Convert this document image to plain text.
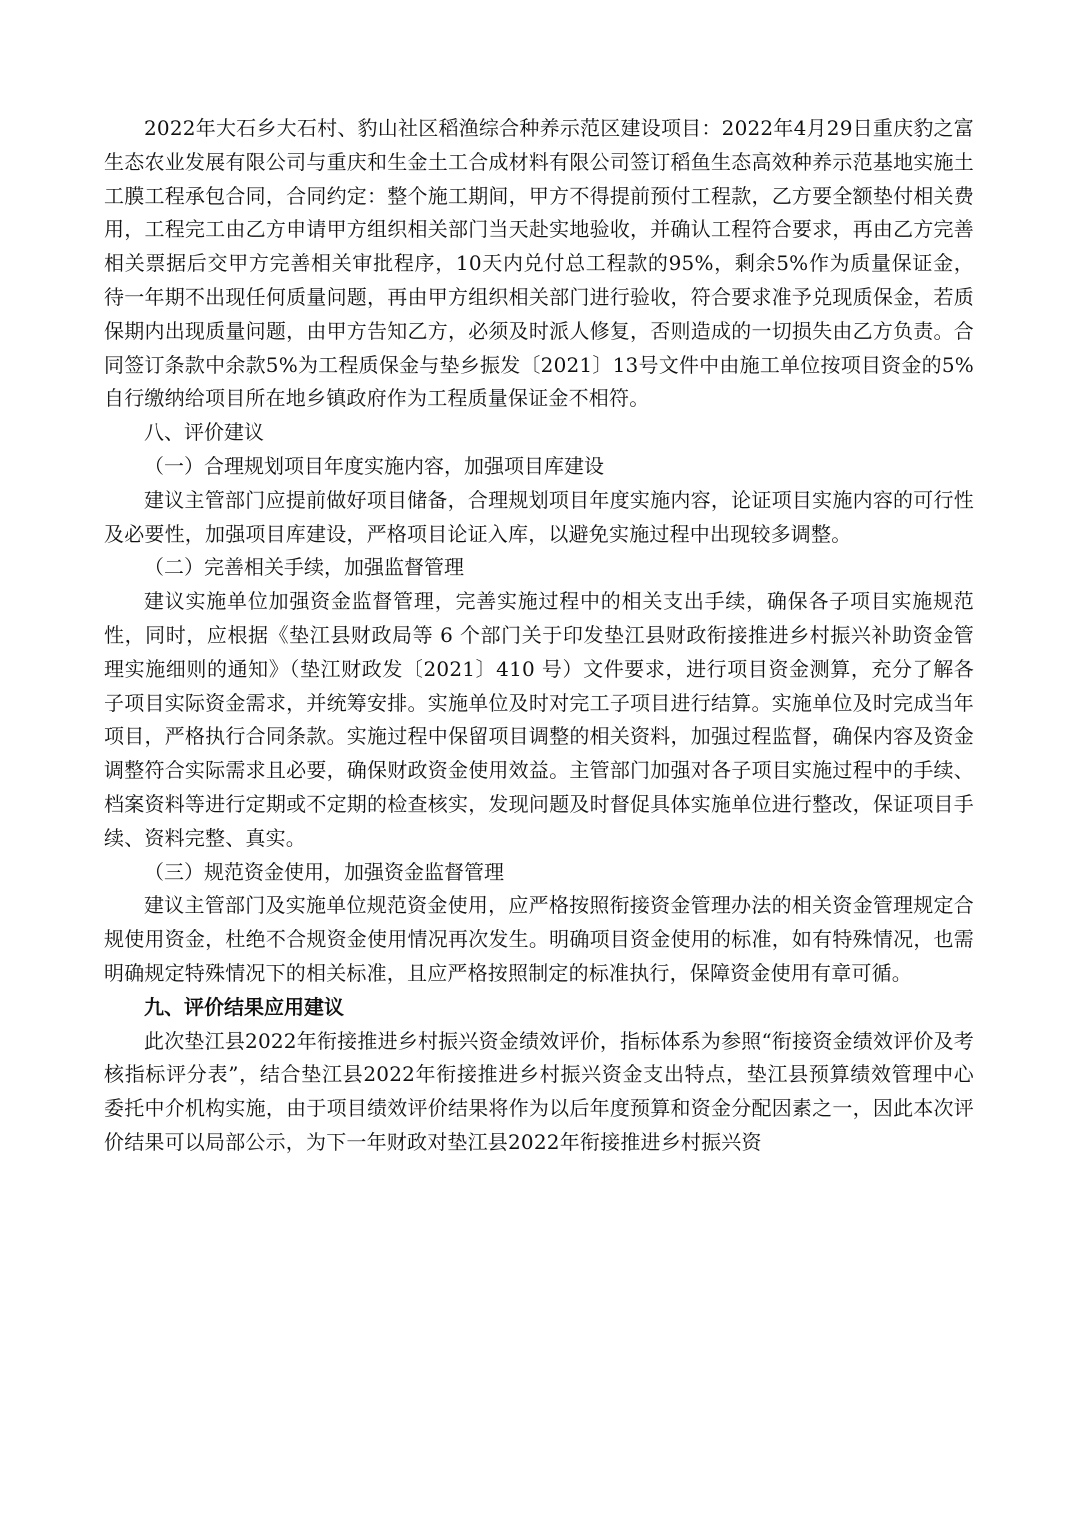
2022年大石乡大石村、豹山社区稻渔综合种养示范区建设项目：2022年4月29日重庆豹之富生态农业发展有限公司与重庆和生金土工合成材料有限公司签订稻鱼生态高效种养示范基地实施土工膜工程承包合同，合同约定：整个施工期间，甲方不得提前预付工程款，乙方要全额垫付相关费用，工程完工由乙方申请甲方组织相关部门当天赴实地验收，并确认工程符合要求，再由乙方完善相关票据后交甲方完善相关审批程序，10天内兑付总工程款的95%，剩余5%作为质量保证金，待一年期不出现任何质量问题，再由甲方组织相关部门进行验收，符合要求准予兑现质保金，若质保期内出现质量问题，由甲方告知乙方，必须及时派人修复，否则造成的一切损失由乙方负责。合同签订条款中余款5%为工程质保金与垫乡振发〔2021〕13号文件中由施工单位按项目资金的5%自行缴纳给项目所在地乡镇政府作为工程质量保证金不相符。

八、评价建议

（一）合理规划项目年度实施内容，加强项目库建设

建议主管部门应提前做好项目储备，合理规划项目年度实施内容，论证项目实施内容的可行性及必要性，加强项目库建设，严格项目论证入库，以避免实施过程中出现较多调整。

（二）完善相关手续，加强监督管理

建议实施单位加强资金监督管理，完善实施过程中的相关支出手续，确保各子项目实施规范性，同时，应根据《垫江县财政局等 6 个部门关于印发垫江县财政衔接推进乡村振兴补助资金管理实施细则的通知》（垫江财政发〔2021〕410 号）文件要求，进行项目资金测算，充分了解各子项目实际资金需求，并统筹安排。实施单位及时对完工子项目进行结算。实施单位及时完成当年项目，严格执行合同条款。实施过程中保留项目调整的相关资料，加强过程监督，确保内容及资金调整符合实际需求且必要，确保财政资金使用效益。主管部门加强对各子项目实施过程中的手续、档案资料等进行定期或不定期的检查核实，发现问题及时督促具体实施单位进行整改，保证项目手续、资料完整、真实。

（三）规范资金使用，加强资金监督管理

建议主管部门及实施单位规范资金使用，应严格按照衔接资金管理办法的相关资金管理规定合规使用资金，杜绝不合规资金使用情况再次发生。明确项目资金使用的标准，如有特殊情况，也需明确规定特殊情况下的相关标准，且应严格按照制定的标准执行，保障资金使用有章可循。

九、评价结果应用建议

此次垫江县2022年衔接推进乡村振兴资金绩效评价，指标体系为参照“衔接资金绩效评价及考核指标评分表”，结合垫江县2022年衔接推进乡村振兴资金支出特点，垫江县预算绩效管理中心委托中介机构实施，由于项目绩效评价结果将作为以后年度预算和资金分配因素之一，因此本次评价结果可以局部公示，为下一年财政对垫江县2022年衔接推进乡村振兴资
